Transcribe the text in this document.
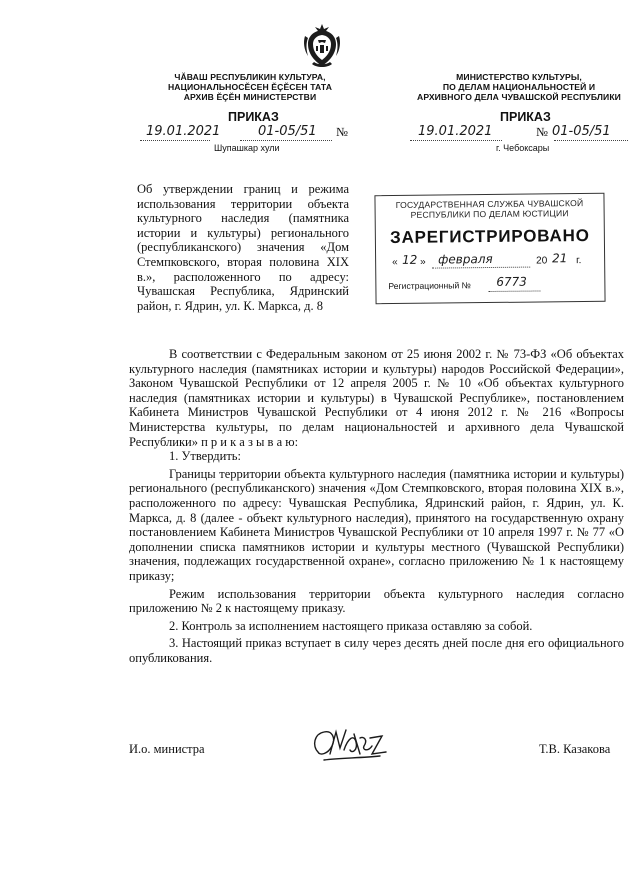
ЧĂВАШ РЕСПУБЛИКИН КУЛЬТУРА,
НАЦИОНАЛЬНОСĔСЕН ĔÇĔСЕН ТАТА
АРХИВ ĔÇĔН МИНИСТЕРСТВИ
МИНИСТЕРСТВО КУЛЬТУРЫ,
ПО ДЕЛАМ НАЦИОНАЛЬНОСТЕЙ И
АРХИВНОГО ДЕЛА ЧУВАШСКОЙ РЕСПУБЛИКИ
ПРИКАЗ	ПРИКАЗ
19.01.2021	01-05/51 №
Шупашкар хули
19.01.2021	№ 01-05/51
г. Чебоксары
Об утверждении границ и режима использования территории объекта культурного наследия (памятника истории и культуры) регионального (республиканского) значения «Дом Стемпковского, вторая половина XIX в.», расположенного по адресу: Чувашская Республика, Ядринский район, г. Ядрин, ул. К. Маркса, д. 8
ГОСУДАРСТВЕННАЯ СЛУЖБА ЧУВАШСКОЙ
РЕСПУБЛИКИ ПО ДЕЛАМ ЮСТИЦИИ
ЗАРЕГИСТРИРОВАНО
« 12 » февраля	20 21 г.
Регистрационный № 6773

В соответствии с Федеральным законом от 25 июня 2002 г. № 73-ФЗ «Об объектах культурного наследия (памятниках истории и культуры) народов Российской Федерации», Законом Чувашской Республики от 12 апреля 2005 г. № 10 «Об объектах культурного наследия (памятниках истории и культуры) в Чувашской Республике», постановлением Кабинета Министров Чувашской Республики от 4 июня 2012 г. № 216 «Вопросы Министерства культуры, по делам национальностей и архивного дела Чувашской Республики» п р и к а з ы в а ю:

1. Утвердить:

Границы территории объекта культурного наследия (памятника истории и культуры) регионального (республиканского) значения «Дом Стемпковского, вторая половина XIX в.», расположенного по адресу: Чувашская Республика, Ядринский район, г. Ядрин, ул. К. Маркса, д. 8 (далее - объект культурного наследия), принятого на государственную охрану постановлением Кабинета Министров Чувашской Республики от 10 апреля 1997 г. № 77 «О дополнении списка памятников истории и культуры местного (Чувашской Республики) значения, подлежащих государственной охране», согласно приложению № 1 к настоящему приказу;

Режим использования территории объекта культурного наследия согласно приложению № 2 к настоящему приказу.

2. Контроль за исполнением настоящего приказа оставляю за собой.

3. Настоящий приказ вступает в силу через десять дней после дня его официального опубликования.

И.о. министра	Т.В. Казакова
